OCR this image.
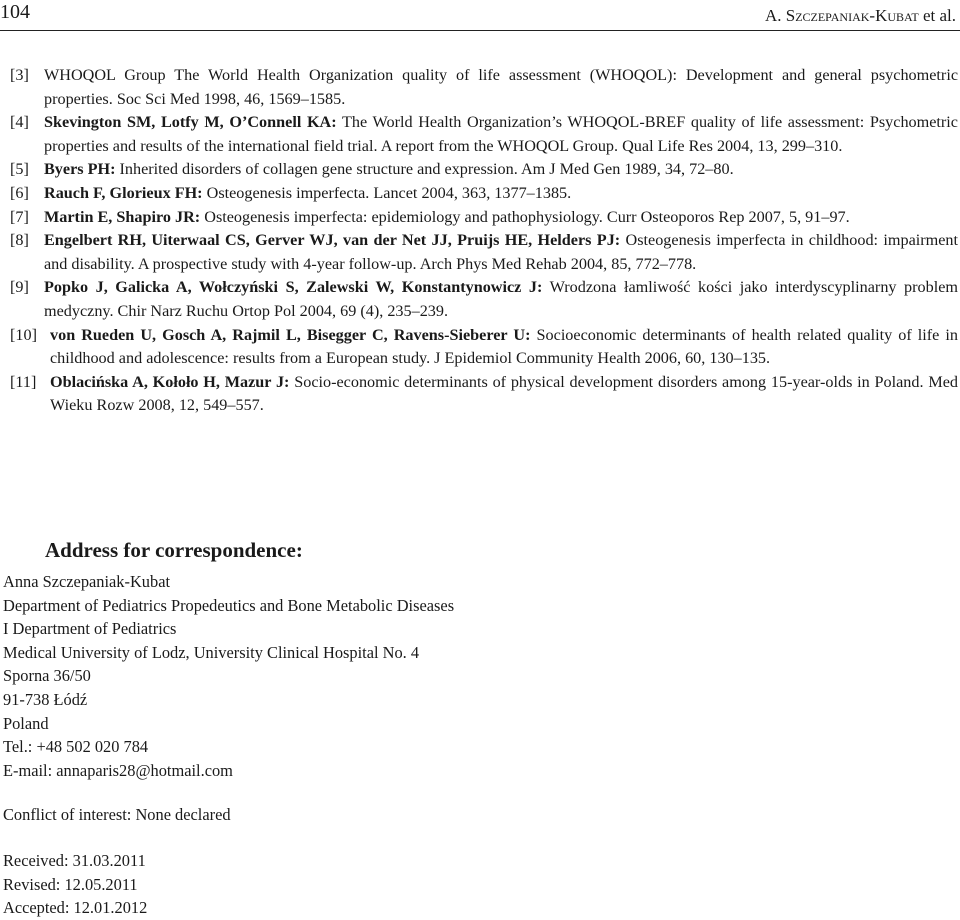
104	A. Szczepaniak-Kubat et al.

[3] WHOQOL Group The World Health Organization quality of life assessment (WHOQOL): Development and general psychometric properties. Soc Sci Med 1998, 46, 1569–1585.

[4] Skevington SM, Lotfy M, O’Connell KA: The World Health Organization’s WHOQOL-BREF quality of life assessment: Psychometric properties and results of the international field trial. A report from the WHOQOL Group. Qual Life Res 2004, 13, 299–310.

[5] Byers PH: Inherited disorders of collagen gene structure and expression. Am J Med Gen 1989, 34, 72–80.

[6] Rauch F, Glorieux FH: Osteogenesis imperfecta. Lancet 2004, 363, 1377–1385.

[7] Martin E, Shapiro JR: Osteogenesis imperfecta: epidemiology and pathophysiology. Curr Osteoporos Rep 2007, 5, 91–97.

[8] Engelbert RH, Uiterwaal CS, Gerver WJ, van der Net JJ, Pruijs HE, Helders PJ: Osteogenesis imperfecta in childhood: impairment and disability. A prospective study with 4-year follow-up. Arch Phys Med Rehab 2004, 85, 772–778.

[9] Popko J, Galicka A, Wołczyński S, Zalewski W, Konstantynowicz J: Wrodzona łamliwość kości jako interdyscyplinarny problem medyczny. Chir Narz Ruchu Ortop Pol 2004, 69 (4), 235–239.

[10] von Rueden U, Gosch A, Rajmil L, Bisegger C, Ravens-Sieberer U: Socioeconomic determinants of health related quality of life in childhood and adolescence: results from a European study. J Epidemiol Community Health 2006, 60, 130–135.

[11] Oblacińska A, Kołoło H, Mazur J: Socio-economic determinants of physical development disorders among 15-year-olds in Poland. Med Wieku Rozw 2008, 12, 549–557.

Address for correspondence:
Anna Szczepaniak-Kubat
Department of Pediatrics Propedeutics and Bone Metabolic Diseases
I Department of Pediatrics
Medical University of Lodz, University Clinical Hospital No. 4
Sporna 36/50
91-738 Łódź
Poland
Tel.: +48 502 020 784
E-mail: annaparis28@hotmail.com
Conflict of interest: None declared
Received: 31.03.2011
Revised: 12.05.2011
Accepted: 12.01.2012
